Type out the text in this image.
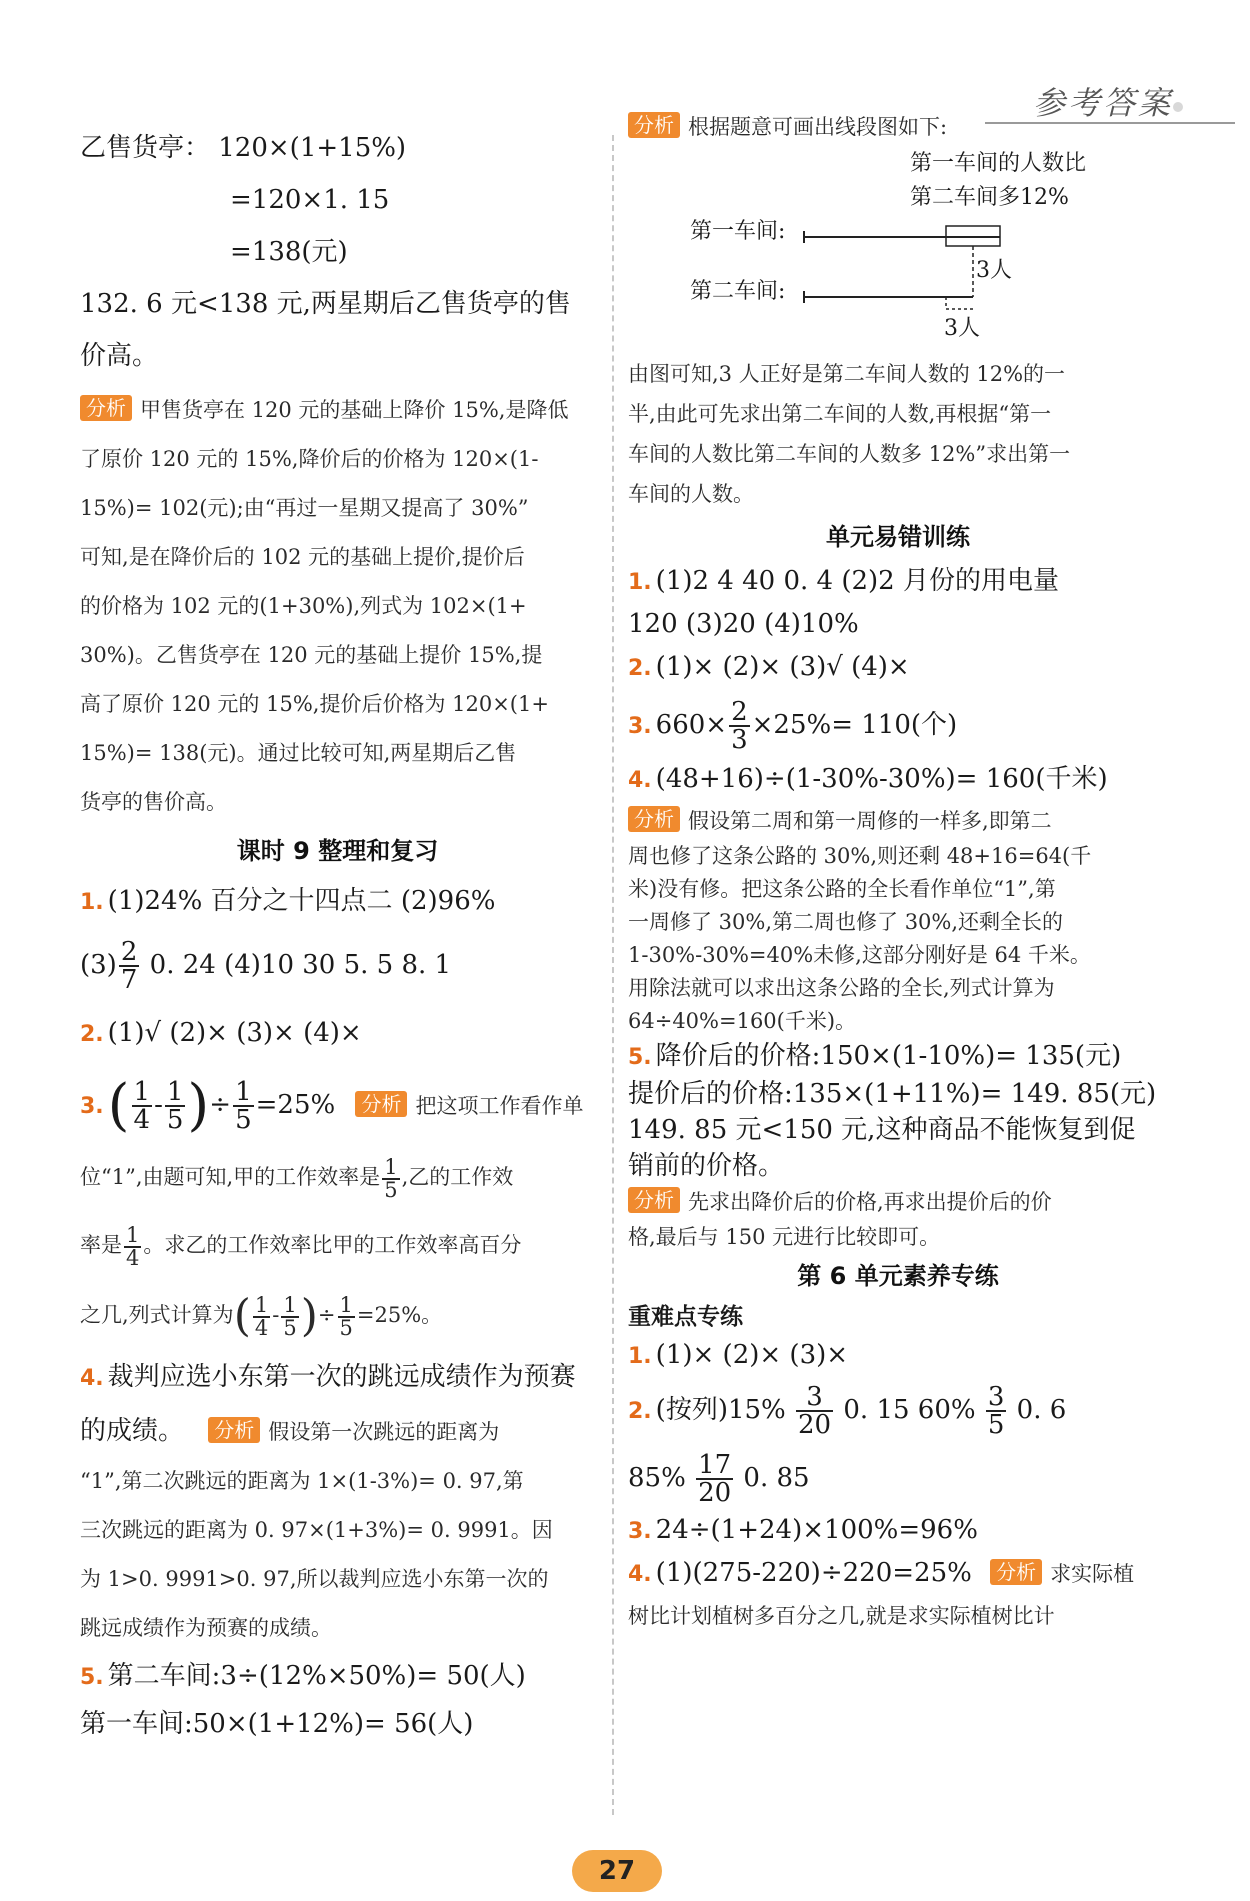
参考答案
乙售货亭： 120×(1+15%)
=120×1. 15
=138(元)
132. 6 元<138 元,两星期后乙售货亭的售
价高。
分析 甲售货亭在 120 元的基础上降价 15%,是降低
了原价 120 元的 15%,降价后的价格为 120×(1-
15%)= 102(元);由“再过一星期又提高了 30%”
可知,是在降价后的 102 元的基础上提价,提价后
的价格为 102 元的(1+30%),列式为 102×(1+
30%)。乙售货亭在 120 元的基础上提价 15%,提
高了原价 120 元的 15%,提价后价格为 120×(1+
15%)= 138(元)。通过比较可知,两星期后乙售
货亭的售价高。
课时 9 整理和复习
1. (1)24% 百分之十四点二 (2)96%
$(3) \frac{2}{7} 0$. 24 (4)10 30 5. 5 8. 1
2. (1)√ (2)× (3)× (4)×
$3.( \frac{1}{4} - \frac{1}{5}$ )÷ $\frac{1}{5} =25\%$ 分析 把这项工作看作单
位“1”,由题可知,甲的工作效率是 $\frac{1}{5}$ ,乙的工作效
率是 $\frac{1}{4}$ 。求乙的工作效率比甲的工作效率高百分
之几,列式计算为( $\frac{1}{4} - \frac{1}{5}$ )÷ $\frac{1}{5} =25\%$。
4. 裁判应选小东第一次的跳远成绩作为预赛
的成绩。 分析 假设第一次跳远的距离为
“1”,第二次跳远的距离为 1×(1-3%)= 0. 97,第
三次跳远的距离为 0. 97×(1+3%)= 0. 9991。因
为 1>0. 9991>0. 97,所以裁判应选小东第一次的
跳远成绩作为预赛的成绩。
5. 第二车间:3÷(12%×50%)= 50(人)
第一车间:50×(1+12%)= 56(人)
分析 根据题意可画出线段图如下:
第一车间的人数比
第二车间多12%
第一车间:
第二车间:
3人
3人
由图可知,3 人正好是第二车间人数的 12%的一
半,由此可先求出第二车间的人数,再根据“第一
车间的人数比第二车间的人数多 12%”求出第一
车间的人数。
单元易错训练
1. (1)2 4 40 0. 4 (2)2 月份的用电量
120 (3)20 (4)10%
2. (1)× (2)× (3)√ (4)×
3. $660\times \frac{2}{3} \times 25\%= 110$(个)
4. (48+16)÷(1-30%-30%)= 160(千米)
分析 假设第二周和第一周修的一样多,即第二
周也修了这条公路的 30%,则还剩 48+16=64(千
米)没有修。把这条公路的全长看作单位“1”,第
一周修了 30%,第二周也修了 30%,还剩全长的
1-30%-30%=40%未修,这部分刚好是 64 千米。
用除法就可以求出这条公路的全长,列式计算为
64÷40%=160(千米)。
5. 降价后的价格:150×(1-10%)= 135(元)
提价后的价格:135×(1+11%)= 149. 85(元)
149. 85 元<150 元,这种商品不能恢复到促
销前的价格。
分析 先求出降价后的价格,再求出提价后的价
格,最后与 150 元进行比较即可。
第 6 单元素养专练
重难点专练
1. (1)× (2)× (3)×
2. (按列)$15\% \frac{3}{20} 0$. 15 $60\% \frac{3}{5} 0$. 6
$85\% \frac{17}{20} 0$. 85
3. 24÷(1+24)×100%=96%
4. (1)(275-220)÷220=25% 分析 求实际植
树比计划植树多百分之几,就是求实际植树比计
27
